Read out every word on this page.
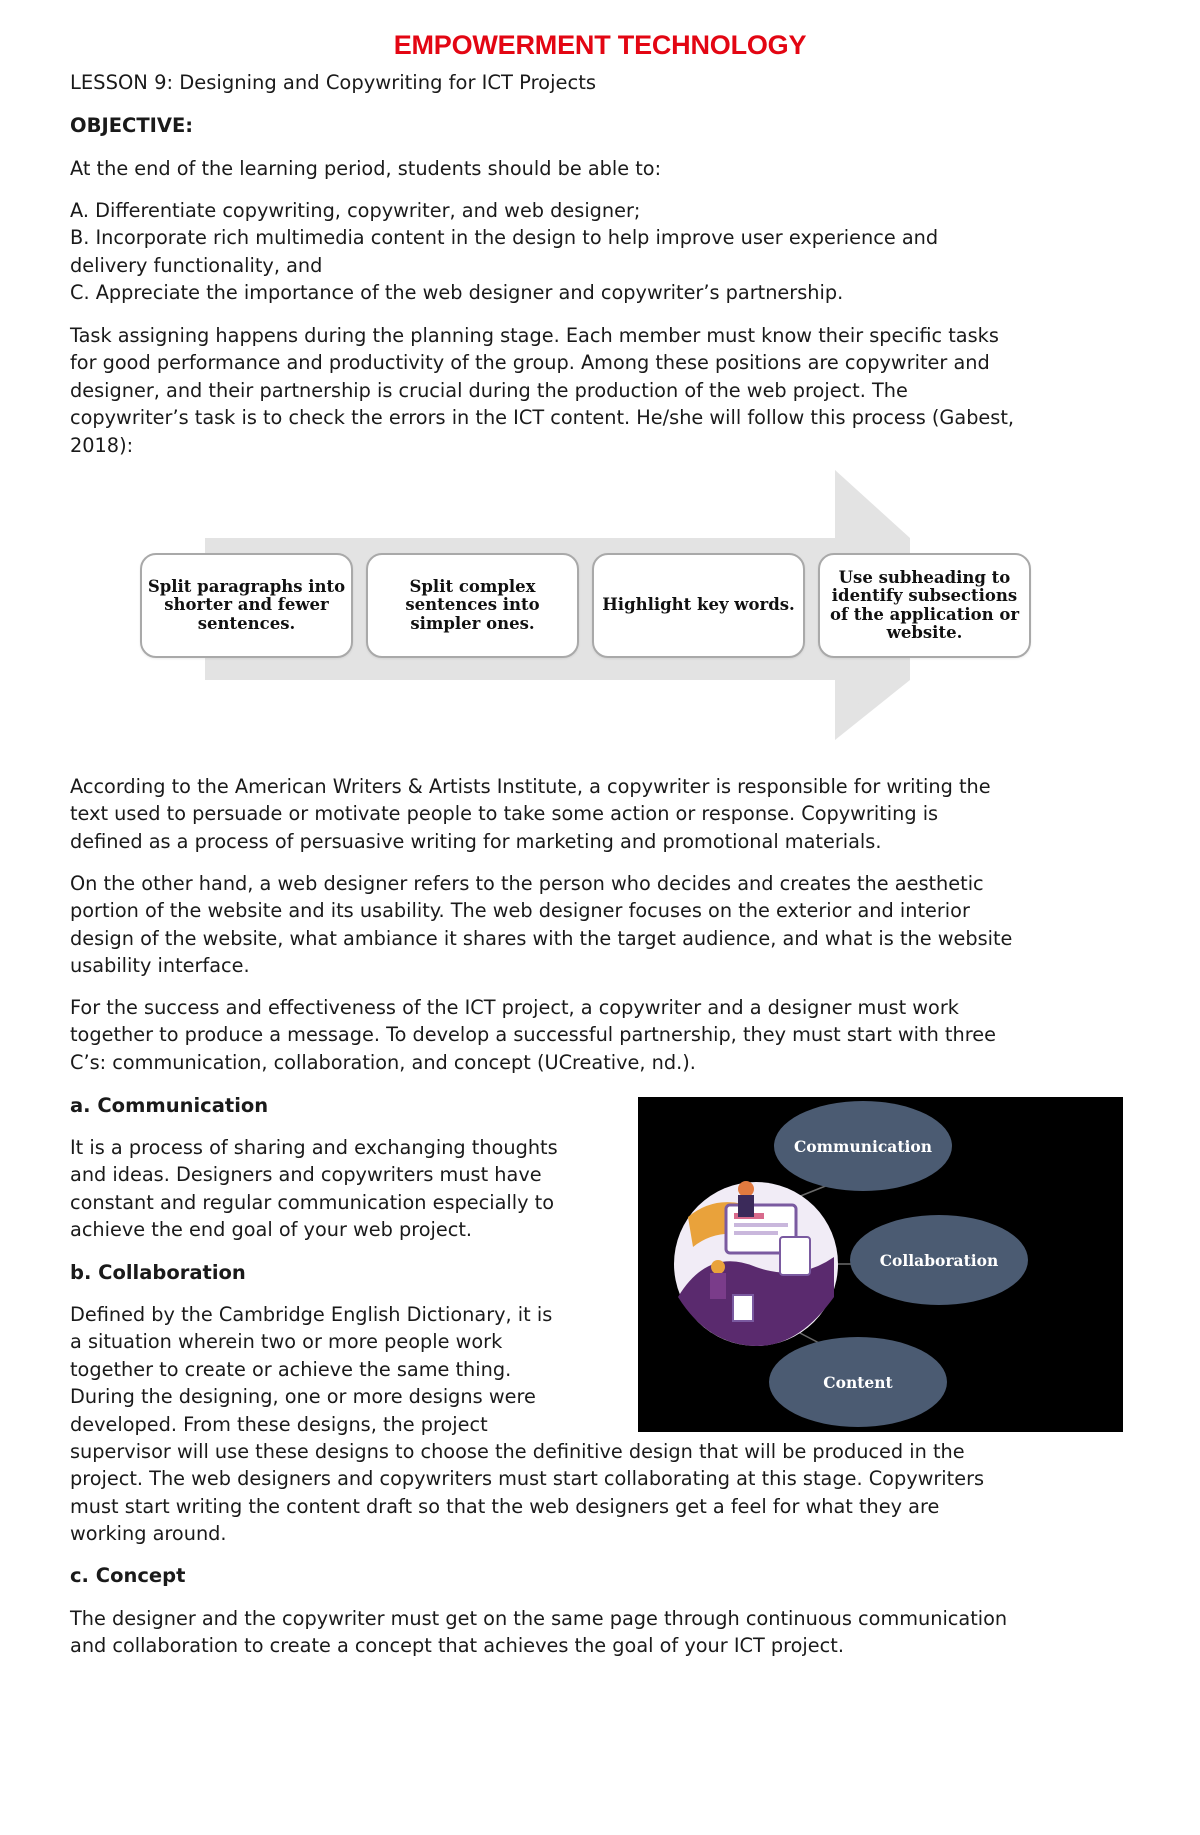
EMPOWERMENT TECHNOLOGY
LESSON 9: Designing and Copywriting for ICT Projects
OBJECTIVE:
At the end of the learning period, students should be able to:
A. Differentiate copywriting, copywriter, and web designer;
B. Incorporate rich multimedia content in the design to help improve user experience and
delivery functionality, and
C. Appreciate the importance of the web designer and copywriter’s partnership.
Task assigning happens during the planning stage. Each member must know their specific tasks
for good performance and productivity of the group. Among these positions are copywriter and
designer, and their partnership is crucial during the production of the web project. The
copywriter’s task is to check the errors in the ICT content. He/she will follow this process (Gabest,
2018):
Split paragraphs into
shorter and fewer
sentences.
Split complex
sentences into
simpler ones.
Highlight key words.
Use subheading to
identify subsections
of the application or
website.
According to the American Writers & Artists Institute, a copywriter is responsible for writing the
text used to persuade or motivate people to take some action or response. Copywriting is
defined as a process of persuasive writing for marketing and promotional materials.
On the other hand, a web designer refers to the person who decides and creates the aesthetic
portion of the website and its usability. The web designer focuses on the exterior and interior
design of the website, what ambiance it shares with the target audience, and what is the website
usability interface.
For the success and effectiveness of the ICT project, a copywriter and a designer must work
together to produce a message. To develop a successful partnership, they must start with three
C’s: communication, collaboration, and concept (UCreative, nd.).
a. Communication
It is a process of sharing and exchanging thoughts
and ideas. Designers and copywriters must have
constant and regular communication especially to
achieve the end goal of your web project.
b. Collaboration
Defined by the Cambridge English Dictionary, it is
a situation wherein two or more people work
together to create or achieve the same thing.
During the designing, one or more designs were
developed. From these designs, the project
supervisor will use these designs to choose the definitive design that will be produced in the
project. The web designers and copywriters must start collaborating at this stage. Copywriters
must start writing the content draft so that the web designers get a feel for what they are
working around.
c. Concept
The designer and the copywriter must get on the same page through continuous communication
and collaboration to create a concept that achieves the goal of your ICT project.
Communication
Collaboration
Content
